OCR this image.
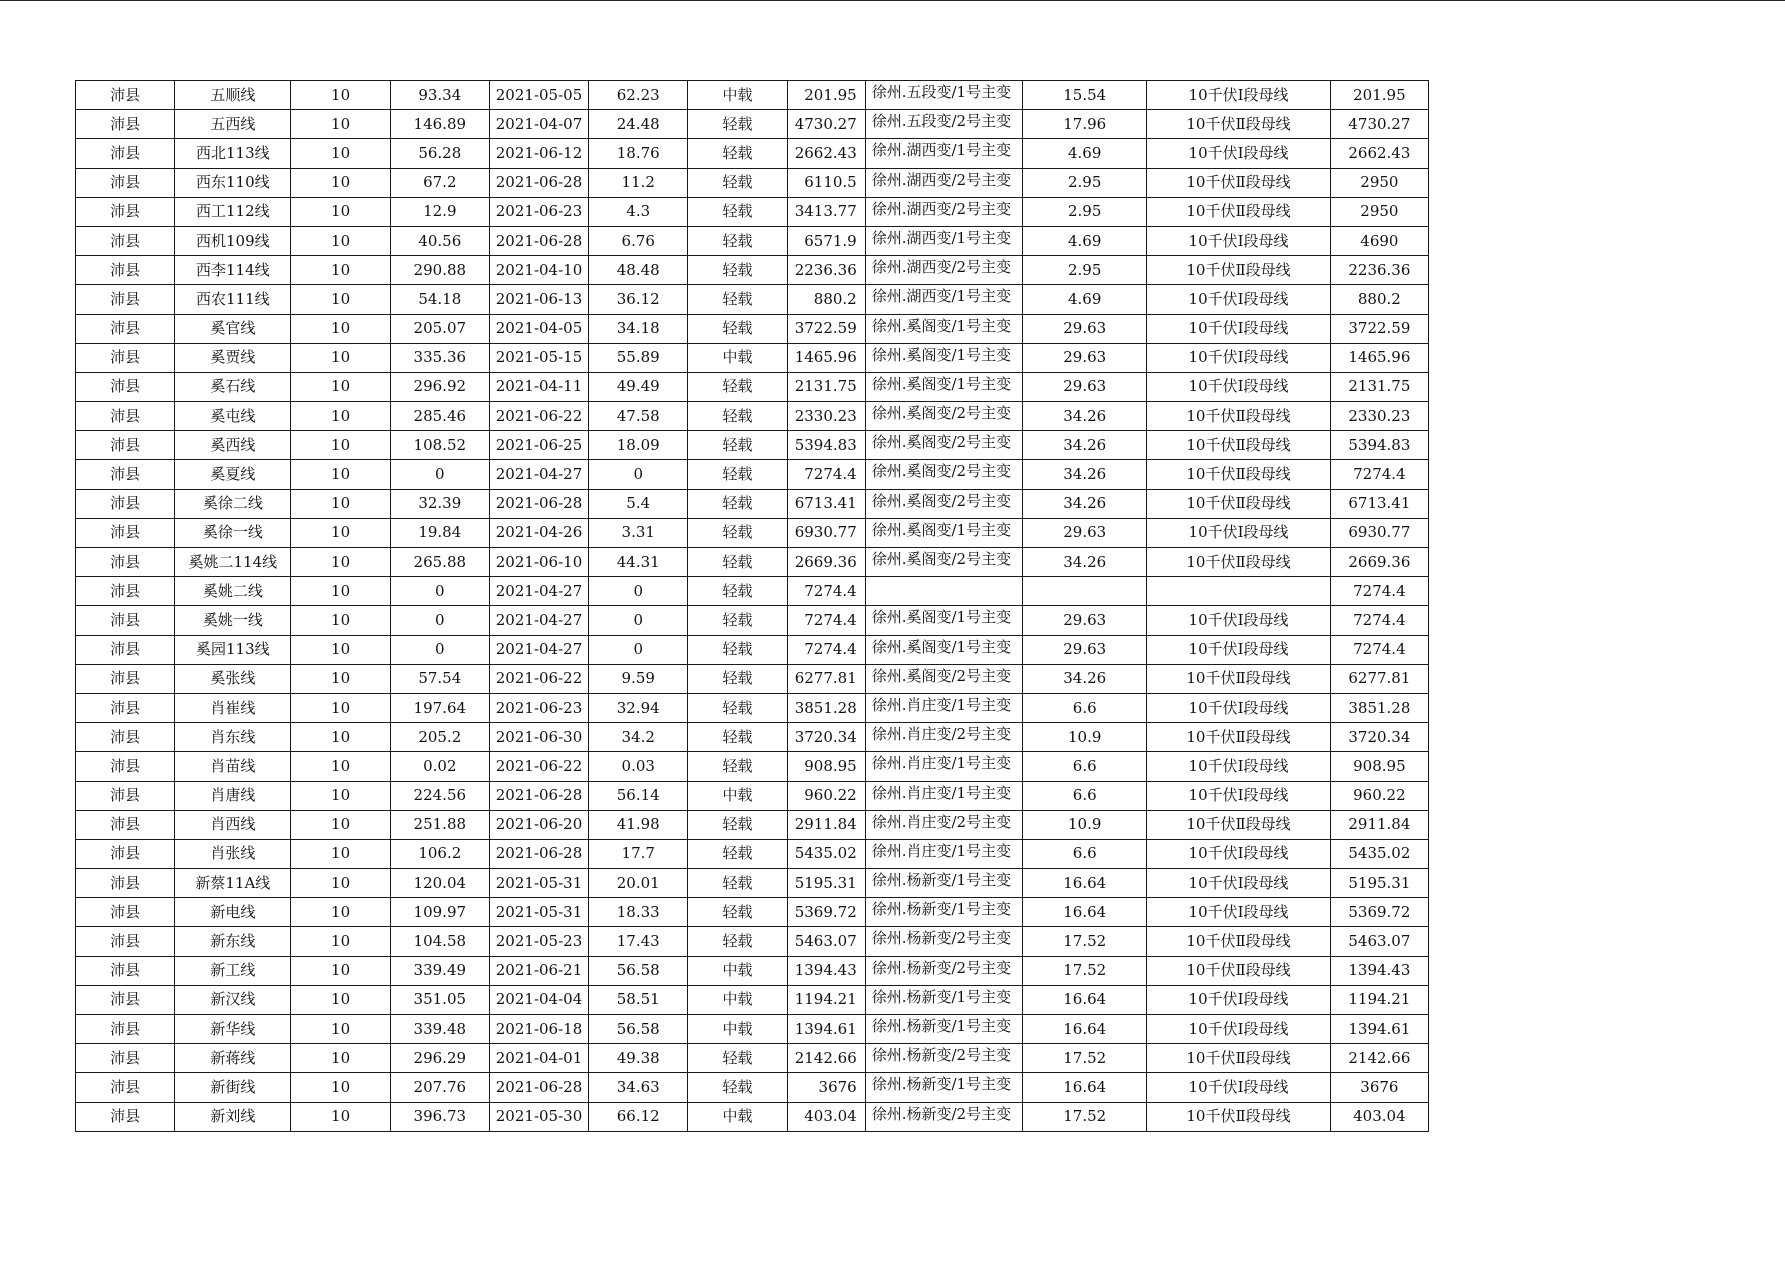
沛县	五顺线	10	93.34	2021-05-05	62.23	中载	201.95	徐州.五段变/1号主变	15.54	10千伏Ⅰ段母线	201.95
沛县	五西线	10	146.89	2021-04-07	24.48	轻载	4730.27	徐州.五段变/2号主变	17.96	10千伏Ⅱ段母线	4730.27
沛县	西北113线	10	56.28	2021-06-12	18.76	轻载	2662.43	徐州.湖西变/1号主变	4.69	10千伏Ⅰ段母线	2662.43
沛县	西东110线	10	67.2	2021-06-28	11.2	轻载	6110.5	徐州.湖西变/2号主变	2.95	10千伏Ⅱ段母线	2950
沛县	西工112线	10	12.9	2021-06-23	4.3	轻载	3413.77	徐州.湖西变/2号主变	2.95	10千伏Ⅱ段母线	2950
沛县	西机109线	10	40.56	2021-06-28	6.76	轻载	6571.9	徐州.湖西变/1号主变	4.69	10千伏Ⅰ段母线	4690
沛县	西李114线	10	290.88	2021-04-10	48.48	轻载	2236.36	徐州.湖西变/2号主变	2.95	10千伏Ⅱ段母线	2236.36
沛县	西农111线	10	54.18	2021-06-13	36.12	轻载	880.2	徐州.湖西变/1号主变	4.69	10千伏Ⅰ段母线	880.2
沛县	奚官线	10	205.07	2021-04-05	34.18	轻载	3722.59	徐州.奚阁变/1号主变	29.63	10千伏Ⅰ段母线	3722.59
沛县	奚贾线	10	335.36	2021-05-15	55.89	中载	1465.96	徐州.奚阁变/1号主变	29.63	10千伏Ⅰ段母线	1465.96
沛县	奚石线	10	296.92	2021-04-11	49.49	轻载	2131.75	徐州.奚阁变/1号主变	29.63	10千伏Ⅰ段母线	2131.75
沛县	奚屯线	10	285.46	2021-06-22	47.58	轻载	2330.23	徐州.奚阁变/2号主变	34.26	10千伏Ⅱ段母线	2330.23
沛县	奚西线	10	108.52	2021-06-25	18.09	轻载	5394.83	徐州.奚阁变/2号主变	34.26	10千伏Ⅱ段母线	5394.83
沛县	奚夏线	10	0	2021-04-27	0	轻载	7274.4	徐州.奚阁变/2号主变	34.26	10千伏Ⅱ段母线	7274.4
沛县	奚徐二线	10	32.39	2021-06-28	5.4	轻载	6713.41	徐州.奚阁变/2号主变	34.26	10千伏Ⅱ段母线	6713.41
沛县	奚徐一线	10	19.84	2021-04-26	3.31	轻载	6930.77	徐州.奚阁变/1号主变	29.63	10千伏Ⅰ段母线	6930.77
沛县	奚姚二114线	10	265.88	2021-06-10	44.31	轻载	2669.36	徐州.奚阁变/2号主变	34.26	10千伏Ⅱ段母线	2669.36
沛县	奚姚二线	10	0	2021-04-27	0	轻载	7274.4				7274.4
沛县	奚姚一线	10	0	2021-04-27	0	轻载	7274.4	徐州.奚阁变/1号主变	29.63	10千伏Ⅰ段母线	7274.4
沛县	奚园113线	10	0	2021-04-27	0	轻载	7274.4	徐州.奚阁变/1号主变	29.63	10千伏Ⅰ段母线	7274.4
沛县	奚张线	10	57.54	2021-06-22	9.59	轻载	6277.81	徐州.奚阁变/2号主变	34.26	10千伏Ⅱ段母线	6277.81
沛县	肖崔线	10	197.64	2021-06-23	32.94	轻载	3851.28	徐州.肖庄变/1号主变	6.6	10千伏Ⅰ段母线	3851.28
沛县	肖东线	10	205.2	2021-06-30	34.2	轻载	3720.34	徐州.肖庄变/2号主变	10.9	10千伏Ⅱ段母线	3720.34
沛县	肖苗线	10	0.02	2021-06-22	0.03	轻载	908.95	徐州.肖庄变/1号主变	6.6	10千伏Ⅰ段母线	908.95
沛县	肖唐线	10	224.56	2021-06-28	56.14	中载	960.22	徐州.肖庄变/1号主变	6.6	10千伏Ⅰ段母线	960.22
沛县	肖西线	10	251.88	2021-06-20	41.98	轻载	2911.84	徐州.肖庄变/2号主变	10.9	10千伏Ⅱ段母线	2911.84
沛县	肖张线	10	106.2	2021-06-28	17.7	轻载	5435.02	徐州.肖庄变/1号主变	6.6	10千伏Ⅰ段母线	5435.02
沛县	新蔡11A线	10	120.04	2021-05-31	20.01	轻载	5195.31	徐州.杨新变/1号主变	16.64	10千伏Ⅰ段母线	5195.31
沛县	新电线	10	109.97	2021-05-31	18.33	轻载	5369.72	徐州.杨新变/1号主变	16.64	10千伏Ⅰ段母线	5369.72
沛县	新东线	10	104.58	2021-05-23	17.43	轻载	5463.07	徐州.杨新变/2号主变	17.52	10千伏Ⅱ段母线	5463.07
沛县	新工线	10	339.49	2021-06-21	56.58	中载	1394.43	徐州.杨新变/2号主变	17.52	10千伏Ⅱ段母线	1394.43
沛县	新汉线	10	351.05	2021-04-04	58.51	中载	1194.21	徐州.杨新变/1号主变	16.64	10千伏Ⅰ段母线	1194.21
沛县	新华线	10	339.48	2021-06-18	56.58	中载	1394.61	徐州.杨新变/1号主变	16.64	10千伏Ⅰ段母线	1394.61
沛县	新蒋线	10	296.29	2021-04-01	49.38	轻载	2142.66	徐州.杨新变/2号主变	17.52	10千伏Ⅱ段母线	2142.66
沛县	新街线	10	207.76	2021-06-28	34.63	轻载	3676	徐州.杨新变/1号主变	16.64	10千伏Ⅰ段母线	3676
沛县	新刘线	10	396.73	2021-05-30	66.12	中载	403.04	徐州.杨新变/2号主变	17.52	10千伏Ⅱ段母线	403.04
